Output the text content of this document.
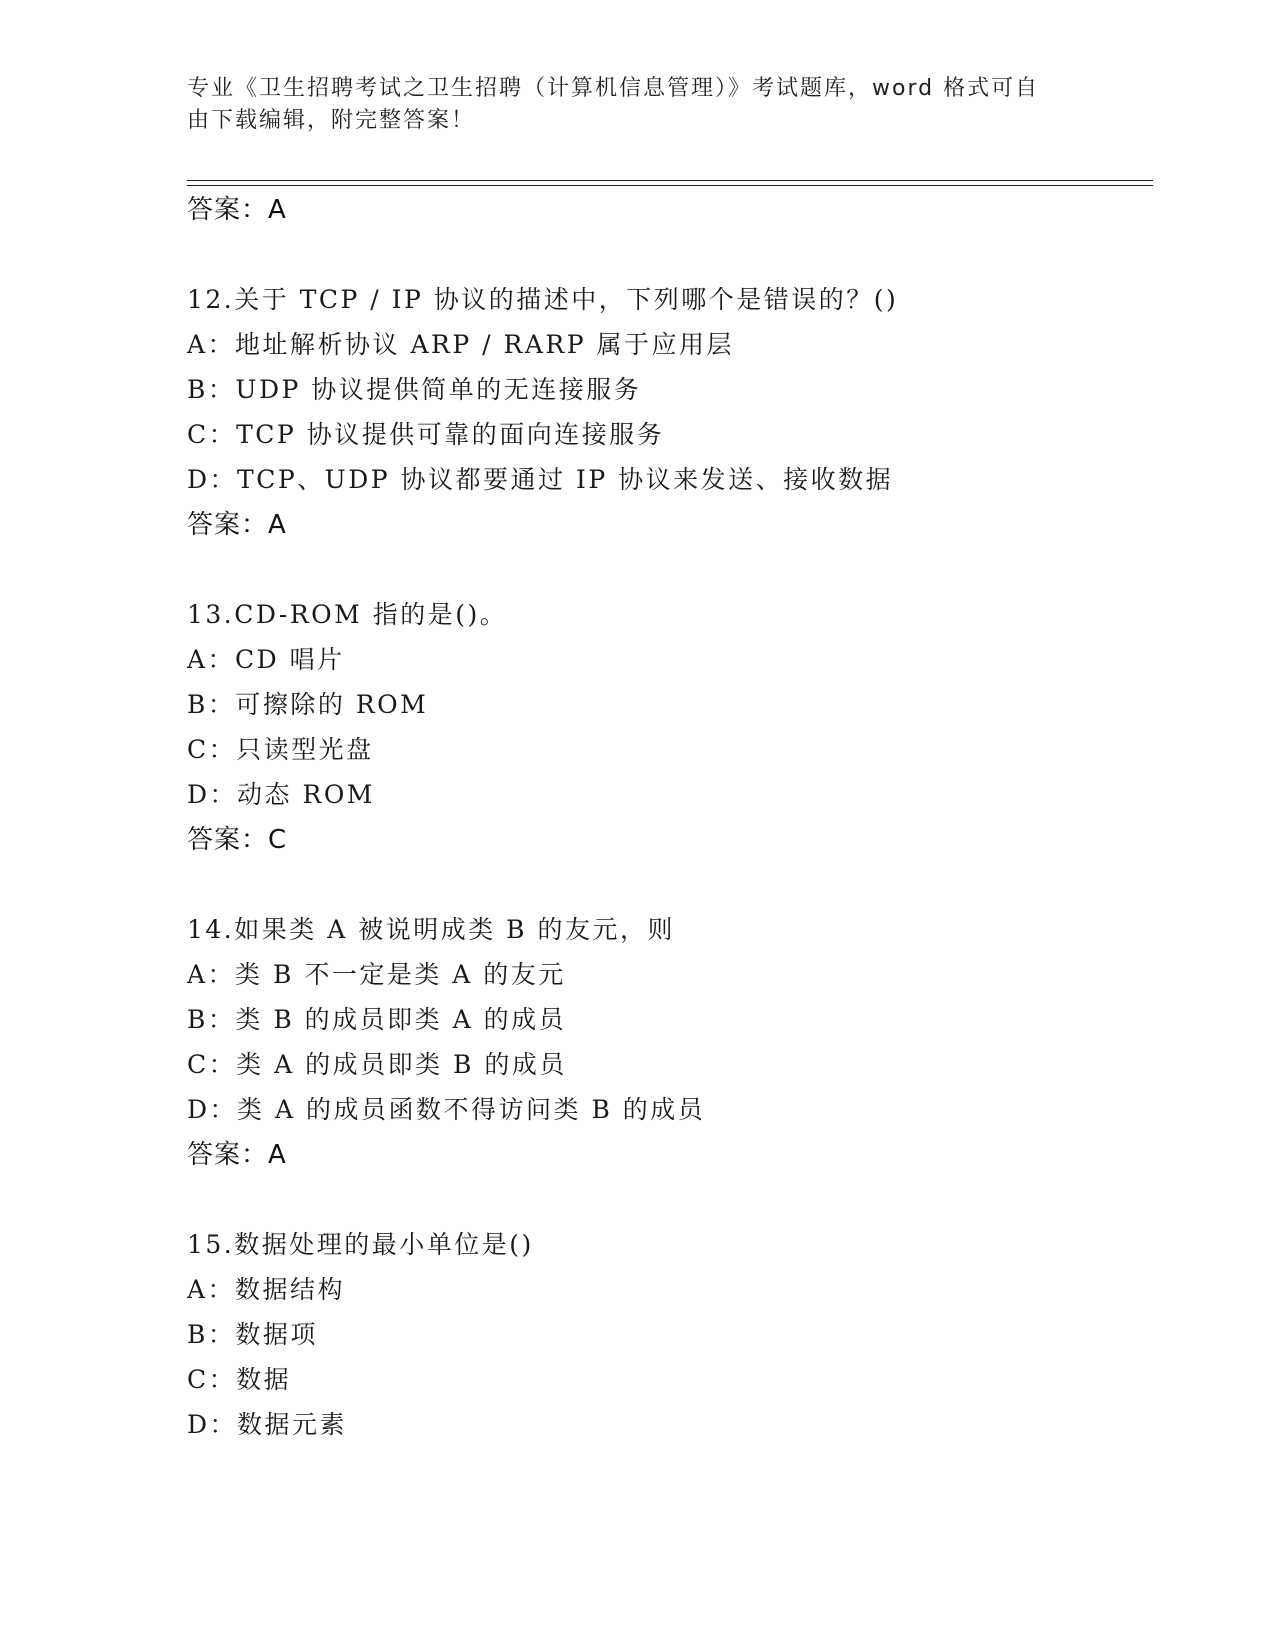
专业《卫生招聘考试之卫生招聘（计算机信息管理）》考试题库，word 格式可自
由下载编辑，附完整答案！
答案：A
12.关于 TCP / IP 协议的描述中，下列哪个是错误的？()
A：地址解析协议 ARP / RARP 属于应用层
B：UDP 协议提供简单的无连接服务
C：TCP 协议提供可靠的面向连接服务
D：TCP、UDP 协议都要通过 IP 协议来发送、接收数据
答案：A
13.CD-ROM 指的是()。
A：CD 唱片
B：可擦除的 ROM
C：只读型光盘
D：动态 ROM
答案：C
14.如果类 A 被说明成类 B 的友元，则
A：类 B 不一定是类 A 的友元
B：类 B 的成员即类 A 的成员
C：类 A 的成员即类 B 的成员
D：类 A 的成员函数不得访问类 B 的成员
答案：A
15.数据处理的最小单位是()
A：数据结构
B：数据项
C：数据
D：数据元素
